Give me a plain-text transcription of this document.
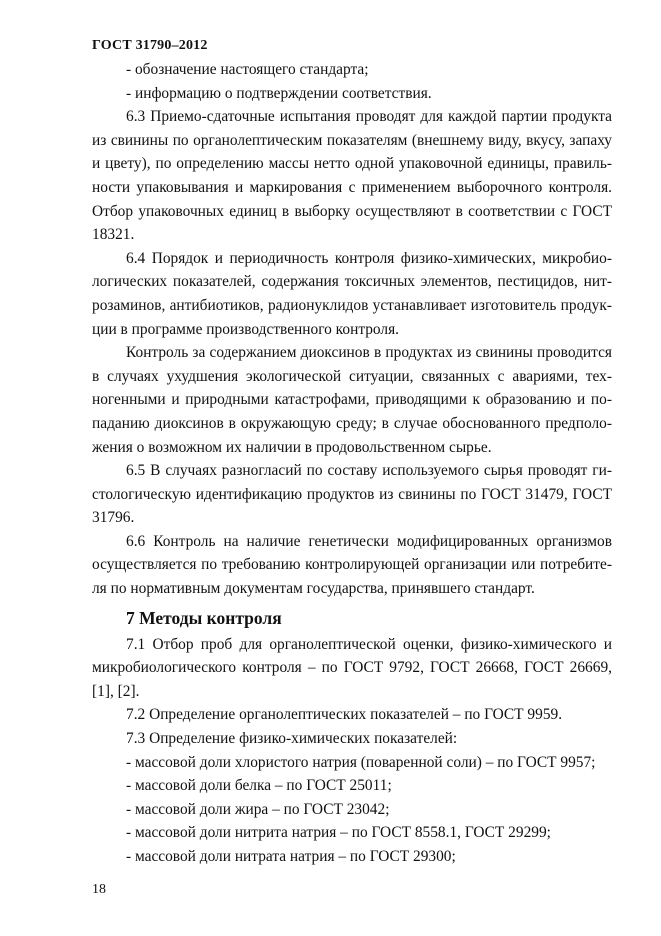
ГОСТ 31790–2012

- обозначение настоящего стандарта;

- информацию о подтверждении соответствия.

6.3 Приемо-сдаточные испытания проводят для каждой партии продукта из свинины по органолептическим показателям (внешнему виду, вкусу, запаху и цвету), по определению массы нетто одной упаковочной единицы, правильности упаковывания и маркирования с применением выборочного контроля. Отбор упаковочных единиц в выборку осуществляют в соответствии с ГОСТ 18321.

6.4 Порядок и периодичность контроля физико-химических, микробиологических показателей, содержания токсичных элементов, пестицидов, нитрозаминов, антибиотиков, радионуклидов устанавливает изготовитель продукции в программе производственного контроля.

Контроль за содержанием диоксинов в продуктах из свинины проводится в случаях ухудшения экологической ситуации, связанных с авариями, техногенными и природными катастрофами, приводящими к образованию и попаданию диоксинов в окружающую среду; в случае обоснованного предположения о возможном их наличии в продовольственном сырье.

6.5 В случаях разногласий по составу используемого сырья проводят гистологическую идентификацию продуктов из свинины по ГОСТ 31479, ГОСТ 31796.

6.6 Контроль на наличие генетически модифицированных организмов осуществляется по требованию контролирующей организации или потребителя по нормативным документам государства, принявшего стандарт.

7 Методы контроля

7.1 Отбор проб для органолептической оценки, физико-химического и микробиологического контроля – по ГОСТ 9792, ГОСТ 26668, ГОСТ 26669, [1], [2].

7.2 Определение органолептических показателей – по ГОСТ 9959.

7.3 Определение физико-химических показателей:

- массовой доли хлористого натрия (поваренной соли) – по ГОСТ 9957;

- массовой доли белка – по ГОСТ 25011;

- массовой доли жира – по ГОСТ 23042;

- массовой доли нитрита натрия – по ГОСТ 8558.1, ГОСТ 29299;

- массовой доли нитрата натрия – по ГОСТ 29300;

18
